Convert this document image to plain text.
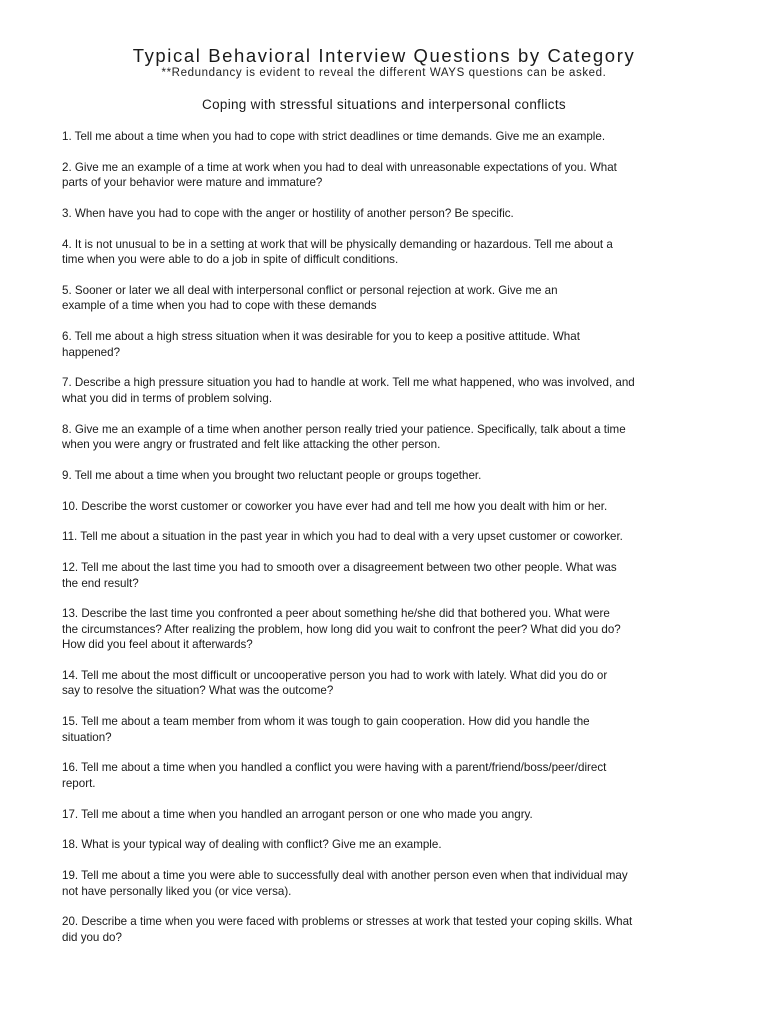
Typical Behavioral Interview Questions by Category
**Redundancy is evident to reveal the different WAYS questions can be asked.
Coping with stressful situations and interpersonal conflicts
1. Tell me about a time when you had to cope with strict deadlines or time demands. Give me an example.
2. Give me an example of a time at work when you had to deal with unreasonable expectations of you. What
parts of your behavior were mature and immature?
3. When have you had to cope with the anger or hostility of another person? Be specific.
4. It is not unusual to be in a setting at work that will be physically demanding or hazardous. Tell me about a
time when you were able to do a job in spite of difficult conditions.
5. Sooner or later we all deal with interpersonal conflict or personal rejection at work. Give me an
example of a time when you had to cope with these demands
6. Tell me about a high stress situation when it was desirable for you to keep a positive attitude. What
happened?
7. Describe a high pressure situation you had to handle at work. Tell me what happened, who was involved, and
what you did in terms of problem solving.
8. Give me an example of a time when another person really tried your patience. Specifically, talk about a time
when you were angry or frustrated and felt like attacking the other person.
9. Tell me about a time when you brought two reluctant people or groups together.
10. Describe the worst customer or coworker you have ever had and tell me how you dealt with him or her.
11. Tell me about a situation in the past year in which you had to deal with a very upset customer or coworker.
12. Tell me about the last time you had to smooth over a disagreement between two other people. What was
the end result?
13. Describe the last time you confronted a peer about something he/she did that bothered you. What were
the circumstances? After realizing the problem, how long did you wait to confront the peer? What did you do?
How did you feel about it afterwards?
14. Tell me about the most difficult or uncooperative person you had to work with lately. What did you do or
say to resolve the situation? What was the outcome?
15. Tell me about a team member from whom it was tough to gain cooperation. How did you handle the
situation?
16. Tell me about a time when you handled a conflict you were having with a parent/friend/boss/peer/direct
report.
17. Tell me about a time when you handled an arrogant person or one who made you angry.
18. What is your typical way of dealing with conflict? Give me an example.
19. Tell me about a time you were able to successfully deal with another person even when that individual may
not have personally liked you (or vice versa).
20. Describe a time when you were faced with problems or stresses at work that tested your coping skills. What
did you do?
